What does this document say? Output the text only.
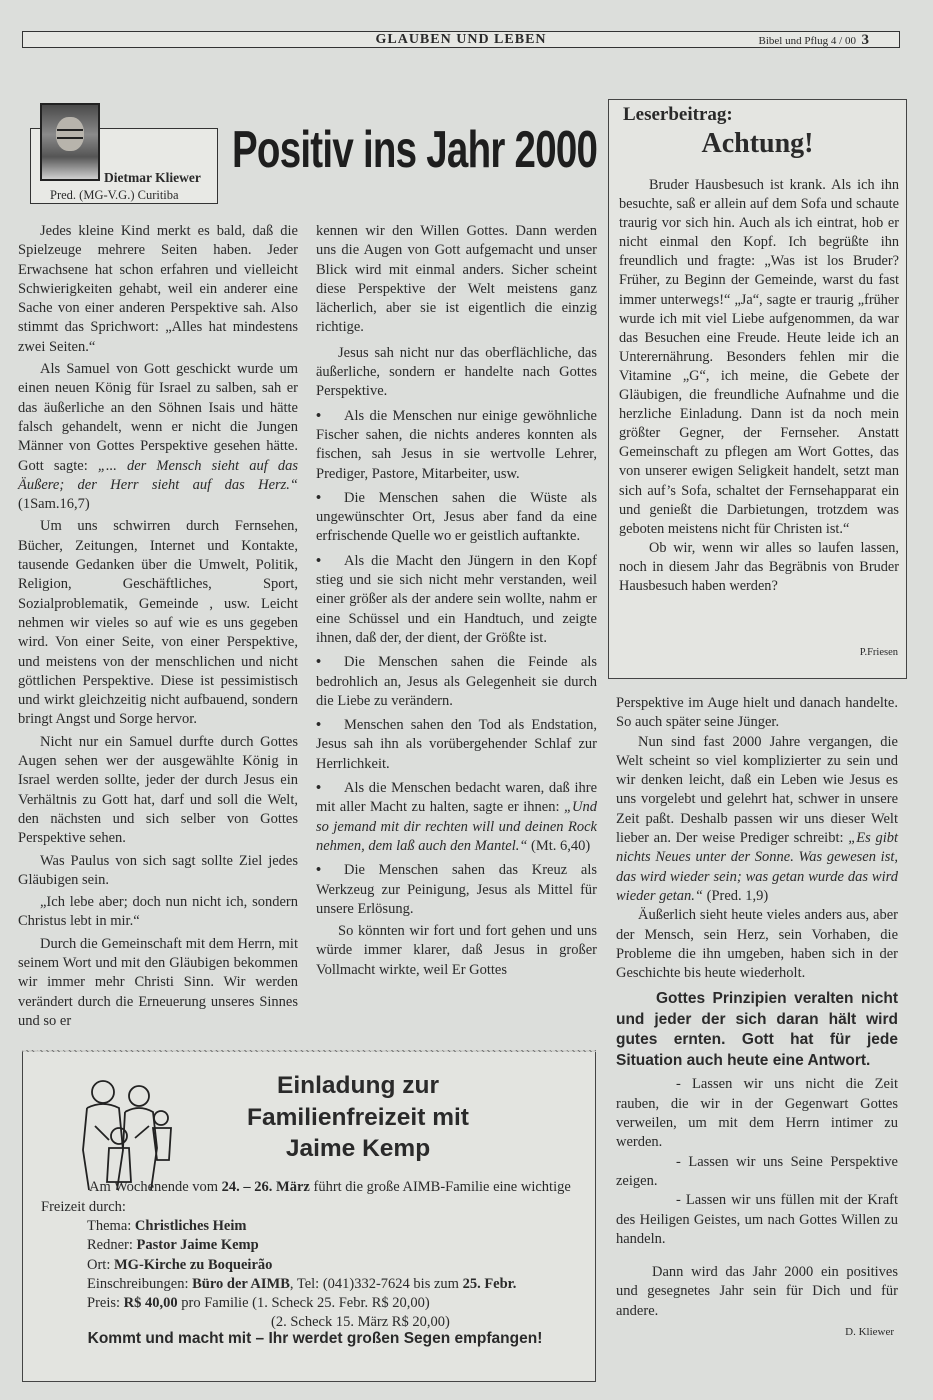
GLAUBEN UND LEBEN	Bibel und Pflug 4 / 00 3
Dietmar Kliewer
Pred. (MG-V.G.) Curitiba
Positiv ins Jahr 2000

Jedes kleine Kind merkt es bald, daß die Spielzeuge mehrere Seiten haben. Jeder Erwachsene hat schon erfahren und vielleicht Schwierigkeiten gehabt, weil ein anderer eine Sache von einer anderen Perspektive sah. Also stimmt das Sprichwort: „Alles hat mindestens zwei Seiten.“

Als Samuel von Gott geschickt wurde um einen neuen König für Israel zu salben, sah er das äußerliche an den Söhnen Isais und hätte falsch gehandelt, wenn er nicht die Jungen Männer von Gottes Perspektive gesehen hätte. Gott sagte: „... der Mensch sieht auf das Äußere; der Herr sieht auf das Herz.“ (1Sam.16,7)

Um uns schwirren durch Fernsehen, Bücher, Zeitungen, Internet und Kontakte, tausende Gedanken über die Umwelt, Politik, Religion, Geschäftliches, Sport, Sozialproblematik, Gemeinde , usw. Leicht nehmen wir vieles so auf wie es uns gegeben wird. Von einer Seite, von einer Perspektive, und meistens von der menschlichen und nicht göttlichen Perspektive. Diese ist pessimistisch und wirkt gleichzeitig nicht aufbauend, sondern bringt Angst und Sorge hervor.

Nicht nur ein Samuel durfte durch Gottes Augen sehen wer der ausgewählte König in Israel werden sollte, jeder der durch Jesus ein Verhältnis zu Gott hat, darf und soll die Welt, den nächsten und sich selber von Gottes Perspektive sehen.

Was Paulus von sich sagt sollte Ziel jedes Gläubigen sein.

„Ich lebe aber; doch nun nicht ich, sondern Christus lebt in mir.“

Durch die Gemeinschaft mit dem Herrn, mit seinem Wort und mit den Gläubigen bekommen wir immer mehr Christi Sinn. Wir werden verändert durch die Erneuerung unseres Sinnes und so er

kennen wir den Willen Gottes. Dann werden uns die Augen von Gott aufgemacht und unser Blick wird mit einmal anders. Sicher scheint diese Perspektive der Welt meistens ganz lächerlich, aber sie ist eigentlich die einzig richtige.

Jesus sah nicht nur das oberflächliche, das äußerliche, sondern er handelte nach Gottes Perspektive.

• Als die Menschen nur einige gewöhnliche Fischer sahen, die nichts anderes konnten als fischen, sah Jesus in sie wertvolle Lehrer, Prediger, Pastore, Mitarbeiter, usw.

• Die Menschen sahen die Wüste als ungewünschter Ort, Jesus aber fand da eine erfrischende Quelle wo er geistlich auftankte.

• Als die Macht den Jüngern in den Kopf stieg und sie sich nicht mehr verstanden, weil einer größer als der andere sein wollte, nahm er eine Schüssel und ein Handtuch, und zeigte ihnen, daß der, der dient, der Größte ist.

• Die Menschen sahen die Feinde als bedrohlich an, Jesus als Gelegenheit sie durch die Liebe zu verändern.

• Menschen sahen den Tod als Endstation, Jesus sah ihn als vorübergehender Schlaf zur Herrlichkeit.

• Als die Menschen bedacht waren, daß ihre mit aller Macht zu halten, sagte er ihnen: „Und so jemand mit dir rechten will und deinen Rock nehmen, dem laß auch den Mantel.“ (Mt. 6,40)

• Die Menschen sahen das Kreuz als Werkzeug zur Peinigung, Jesus als Mittel für unsere Erlösung.

So könnten wir fort und fort gehen und uns würde immer klarer, daß Jesus in großer Vollmacht wirkte, weil Er Gottes

Leserbeitrag:
Achtung!

Bruder Hausbesuch ist krank. Als ich ihn besuchte, saß er allein auf dem Sofa und schaute traurig vor sich hin. Auch als ich eintrat, hob er nicht einmal den Kopf. Ich begrüßte ihn freundlich und fragte: „Was ist los Bruder? Früher, zu Beginn der Gemeinde, warst du fast immer unterwegs!“ „Ja“, sagte er traurig „früher wurde ich mit viel Liebe aufgenommen, da war das Besuchen eine Freude. Heute leide ich an Unterernährung. Besonders fehlen mir die Vitamine „G“, ich meine, die Gebete der Gläubigen, die freundliche Aufnahme und die herzliche Einladung. Dann ist da noch mein größter Gegner, der Fernseher. Anstatt Gemeinschaft zu pflegen am Wort Gottes, das von unserer ewigen Seligkeit handelt, setzt man sich auf’s Sofa, schaltet der Fernsehapparat ein und genießt die Darbietungen, trotzdem was geboten meistens nicht für Christen ist.“

Ob wir, wenn wir alles so laufen lassen, noch in diesem Jahr das Begräbnis von Bruder Hausbesuch haben werden?

P.Friesen

Perspektive im Auge hielt und danach handelte. So auch später seine Jünger.

Nun sind fast 2000 Jahre vergangen, die Welt scheint so viel komplizierter zu sein und wir denken leicht, daß ein Leben wie Jesus es uns vorgelebt und gelehrt hat, schwer in unsere Zeit paßt. Deshalb passen wir uns dieser Welt lieber an. Der weise Prediger schreibt: „Es gibt nichts Neues unter der Sonne. Was gewesen ist, das wird wieder sein; was getan wurde das wird wieder getan.“ (Pred. 1,9)

Äußerlich sieht heute vieles anders aus, aber der Mensch, sein Herz, sein Vorhaben, die Probleme die ihn umgeben, haben sich in der Geschichte bis heute wiederholt.

Gottes Prinzipien veralten nicht und jeder der sich daran hält wird gutes ernten. Gott hat für jede Situation auch heute eine Antwort.

- Lassen wir uns nicht die Zeit rauben, die wir in der Gegenwart Gottes verweilen, um mit dem Herrn intimer zu werden.

- Lassen wir uns Seine Perspektive zeigen.

- Lassen wir uns füllen mit der Kraft des Heiligen Geistes, um nach Gottes Willen zu handeln.

Dann wird das Jahr 2000 ein positives und gesegnetes Jahr sein für Dich und für andere.

D. Kliewer
Einladung zur
Familienfreizeit mit
Jaime Kemp
Am Wochenende vom 24. – 26. März führt die große AIMB-Familie eine wichtige Freizeit durch:
Thema: Christliches Heim
Redner: Pastor Jaime Kemp
Ort: MG-Kirche zu Boqueirão
Einschreibungen: Büro der AIMB, Tel: (041)332-7624 bis zum 25. Febr.
Preis: R$ 40,00 pro Familie (1. Scheck 25. Febr. R$ 20,00)
(2. Scheck 15. März R$ 20,00)
Kommt und macht mit – Ihr werdet großen Segen empfangen!
